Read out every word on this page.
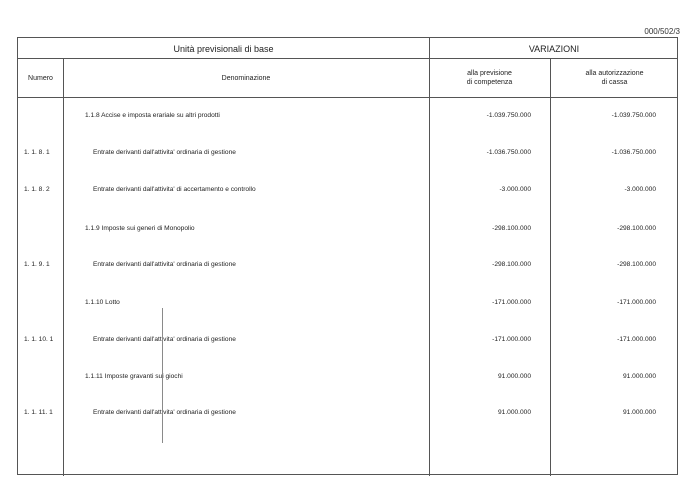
000/502/3
Unità previsionali di base	VARIAZIONI
Numero	Denominazione
alla previsione
di competenza
alla autorizzazione
di cassa
1.1.8 Accise e imposta erariale su altri prodotti	-1.039.750.000	-1.039.750.000
1. 1. 8. 1	Entrate derivanti dall'attivita' ordinaria di gestione	-1.036.750.000	-1.036.750.000
1. 1. 8. 2	Entrate derivanti dall'attivita' di accertamento e controllo	-3.000.000	-3.000.000
1.1.9 Imposte sui generi di Monopolio	-298.100.000	-298.100.000
1. 1. 9. 1	Entrate derivanti dall'attivita' ordinaria di gestione	-298.100.000	-298.100.000
1.1.10 Lotto	-171.000.000	-171.000.000
1. 1. 10. 1	Entrate derivanti dall'attivita' ordinaria di gestione	-171.000.000	-171.000.000
1.1.11 Imposte gravanti sui giochi	91.000.000	91.000.000
1. 1. 11. 1	Entrate derivanti dall'attivita' ordinaria di gestione	91.000.000	91.000.000
